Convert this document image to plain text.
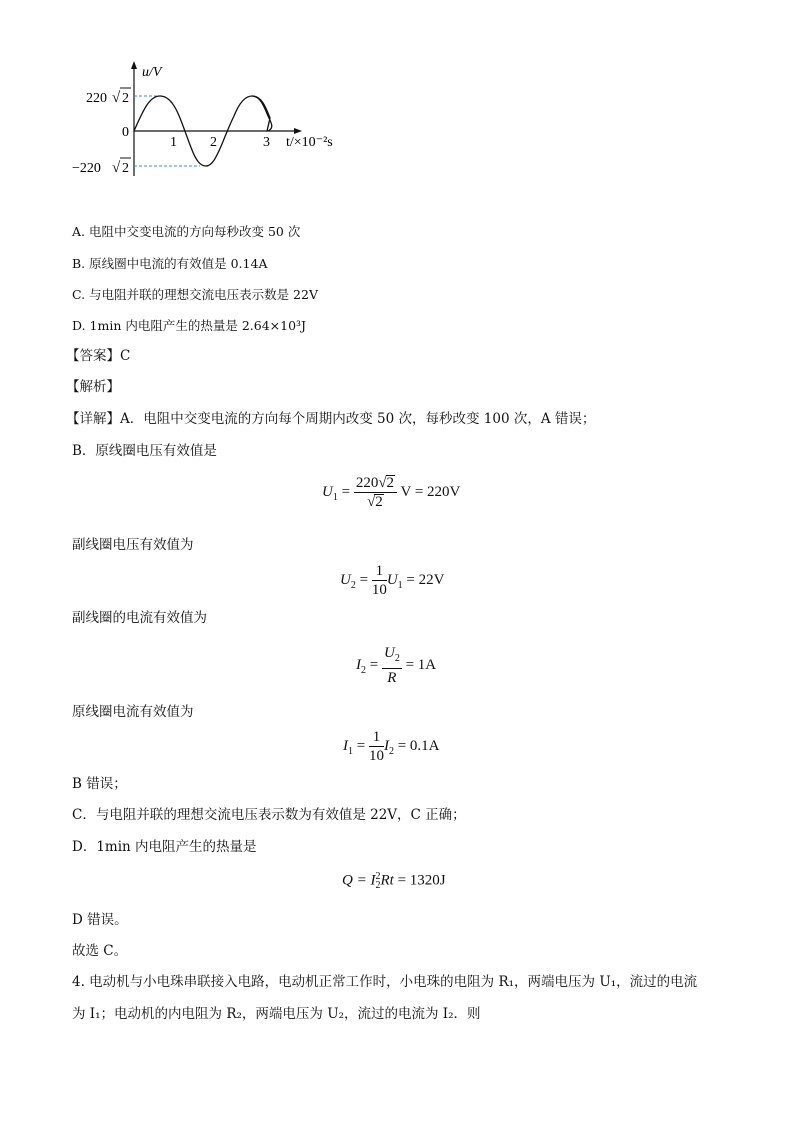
u/V
220 √ 2
0
−220 √ 2
1 2	3 t/×10⁻²s
A. 电阻中交变电流的方向每秒改变 50 次
B. 原线圈中电流的有效值是 0.14A
C. 与电阻并联的理想交流电压表示数是 22V
D. 1min 内电阻产生的热量是 2.64×10³J
【答案】C
【解析】
【详解】A．电阻中交变电流的方向每个周期内改变 50 次，每秒改变 100 次，A 错误；
B．原线圈电压有效值是
$U_1 = \frac{220√2}{√2}$ V = 220V
副线圈电压有效值为
$U_2 = \frac{1}{10} U_1 = 22V$
副线圈的电流有效值为
$I_2 = \frac{U_2}{R} = 1A$
原线圈电流有效值为
$I_1 = \frac{1}{10} I_2 = 0.1A$
B 错误；
C．与电阻并联的理想交流电压表示数为有效值是 22V，C 正确；
D．1min 内电阻产生的热量是
Q = I 2
2 Rt = 1320J
D 错误。
故选 C。
4. 电动机与小电珠串联接入电路，电动机正常工作时，小电珠的电阻为 R₁，两端电压为 U₁，流过的电流
为 I₁；电动机的内电阻为 R₂，两端电压为 U₂，流过的电流为 I₂．则
